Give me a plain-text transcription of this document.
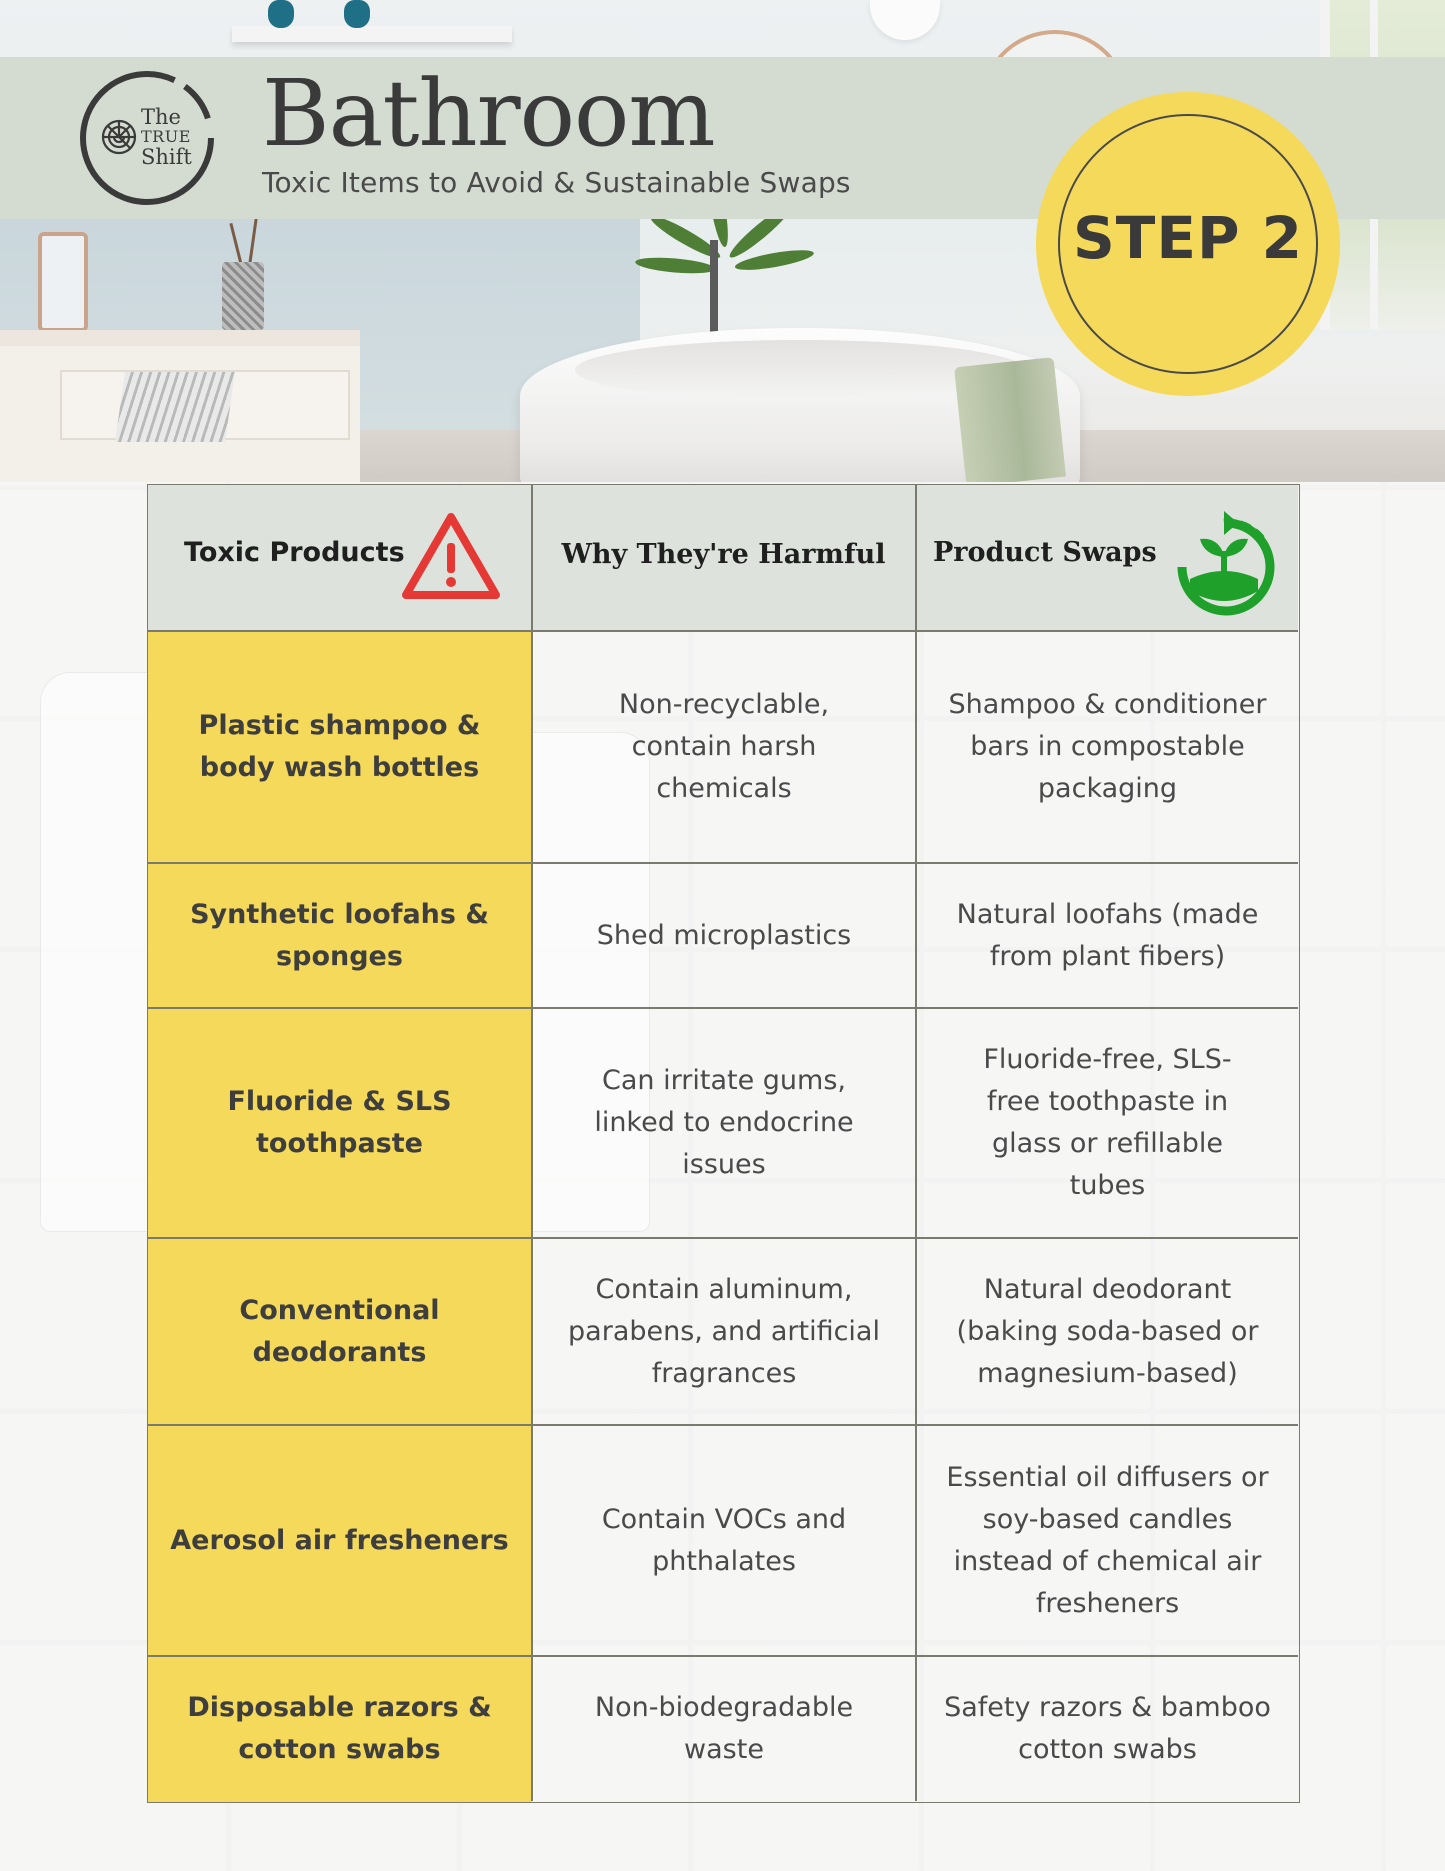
The
TRUE
Shift Bathroom
Toxic Items to Avoid & Sustainable Swaps
STEP 2
Toxic Products	Why They're Harmful	Product Swaps
Plastic shampoo & body wash bottles
Non-recyclable, contain harsh chemicals
Shampoo & conditioner bars in compostable packaging
Synthetic loofahs & sponges
Shed microplastics
Natural loofahs (made from plant fibers)
Fluoride & SLS toothpaste
Can irritate gums, linked to endocrine issues
Fluoride-free, SLS-free toothpaste in glass or refillable tubes
Conventional deodorants
Contain aluminum, parabens, and artificial fragrances
Natural deodorant (baking soda-based or magnesium-based)
Aerosol air fresheners
Contain VOCs and phthalates
Essential oil diffusers or soy-based candles instead of chemical air fresheners
Disposable razors & cotton swabs
Non-biodegradable waste
Safety razors & bamboo cotton swabs
